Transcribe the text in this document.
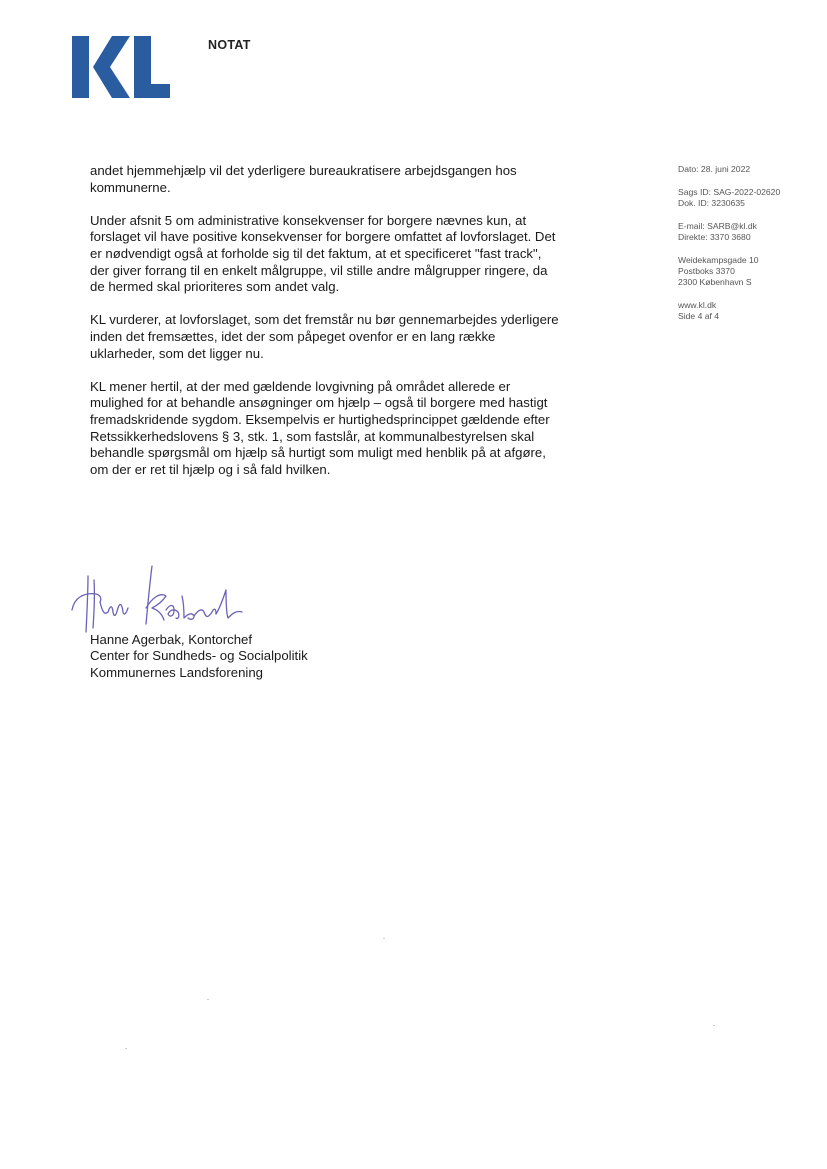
NOTAT

andet hjemmehjælp vil det yderligere bureaukratisere arbejdsgangen hos kommunerne.

Under afsnit 5 om administrative konsekvenser for borgere nævnes kun, at forslaget vil have positive konsekvenser for borgere omfattet af lovforslaget. Det er nødvendigt også at forholde sig til det faktum, at et specificeret "fast track", der giver forrang til en enkelt målgruppe, vil stille andre målgrupper ringere, da de hermed skal prioriteres som andet valg.

KL vurderer, at lovforslaget, som det fremstår nu bør gennemarbejdes yderligere inden det fremsættes, idet der som påpeget ovenfor er en lang række uklarheder, som det ligger nu.

KL mener hertil, at der med gældende lovgivning på området allerede er mulighed for at behandle ansøgninger om hjælp – også til borgere med hastigt fremadskridende sygdom. Eksempelvis er hurtighedsprincippet gældende efter Retssikkerhedslovens § 3, stk. 1, som fastslår, at kommunalbestyrelsen skal behandle spørgsmål om hjælp så hurtigt som muligt med henblik på at afgøre, om der er ret til hjælp og i så fald hvilken.

Dato: 28. juni 2022
Sags ID: SAG-2022-02620
Dok. ID: 3230635
E-mail: SARB@kl.dk
Direkte: 3370 3680
Weidekampsgade 10
Postboks 3370
2300 København S
www.kl.dk
Side 4 af 4
Hanne Agerbak, Kontorchef
Center for Sundheds- og Socialpolitik
Kommunernes Landsforening
